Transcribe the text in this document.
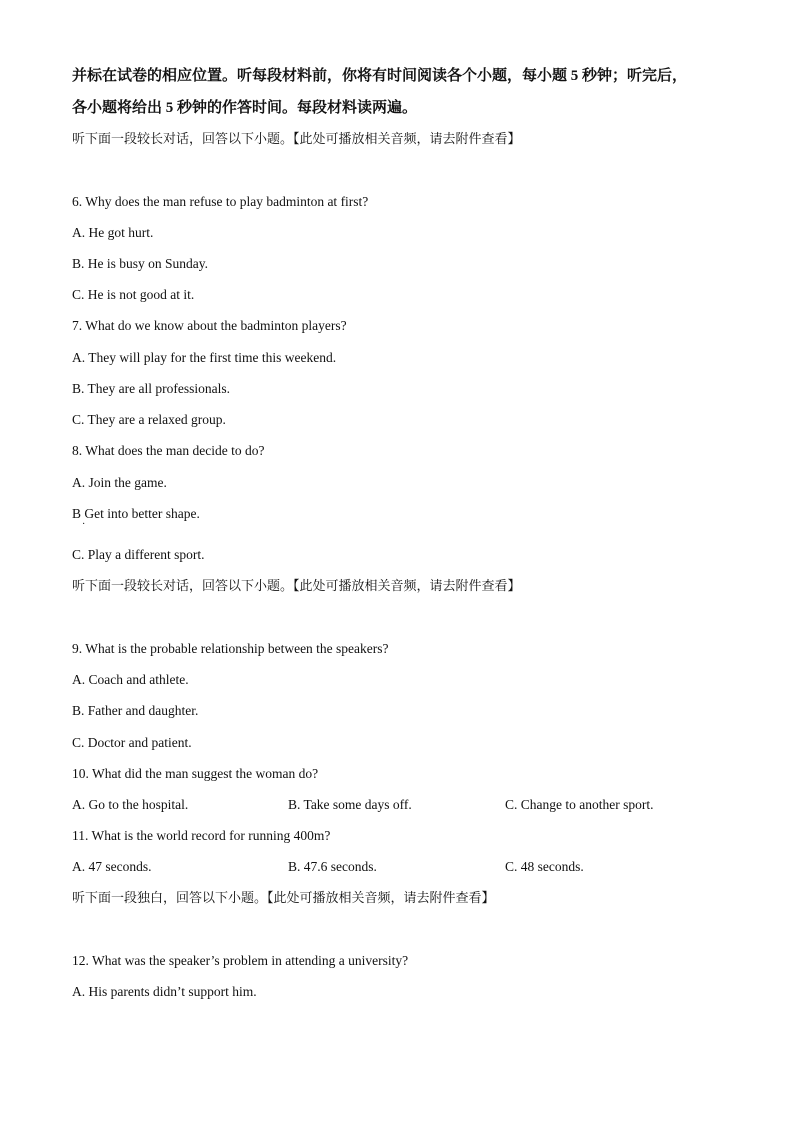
并标在试卷的相应位置。听每段材料前，你将有时间阅读各个小题，每小题 5 秒钟；听完后，
各小题将给出 5 秒钟的作答时间。每段材料读两遍。
听下面一段较长对话，回答以下小题。【此处可播放相关音频，请去附件查看】
6. Why does the man refuse to play badminton at first?
A. He got hurt.
B. He is busy on Sunday.
C. He is not good at it.
7. What do we know about the badminton players?
A. They will play for the first time this weekend.
B. They are all professionals.
C. They are a relaxed group.
8. What does the man decide to do?
A. Join the game.
B Get into better shape.
·
C. Play a different sport.
听下面一段较长对话，回答以下小题。【此处可播放相关音频，请去附件查看】
9. What is the probable relationship between the speakers?
A. Coach and athlete.
B. Father and daughter.
C. Doctor and patient.
10. What did the man suggest the woman do?
A. Go to the hospital.	B. Take some days off.	C. Change to another sport.
11. What is the world record for running 400m?
A. 47 seconds.	B. 47.6 seconds.	C. 48 seconds.
听下面一段独白，回答以下小题。【此处可播放相关音频，请去附件查看】
12. What was the speaker’s problem in attending a university?
A. His parents didn’t support him.
